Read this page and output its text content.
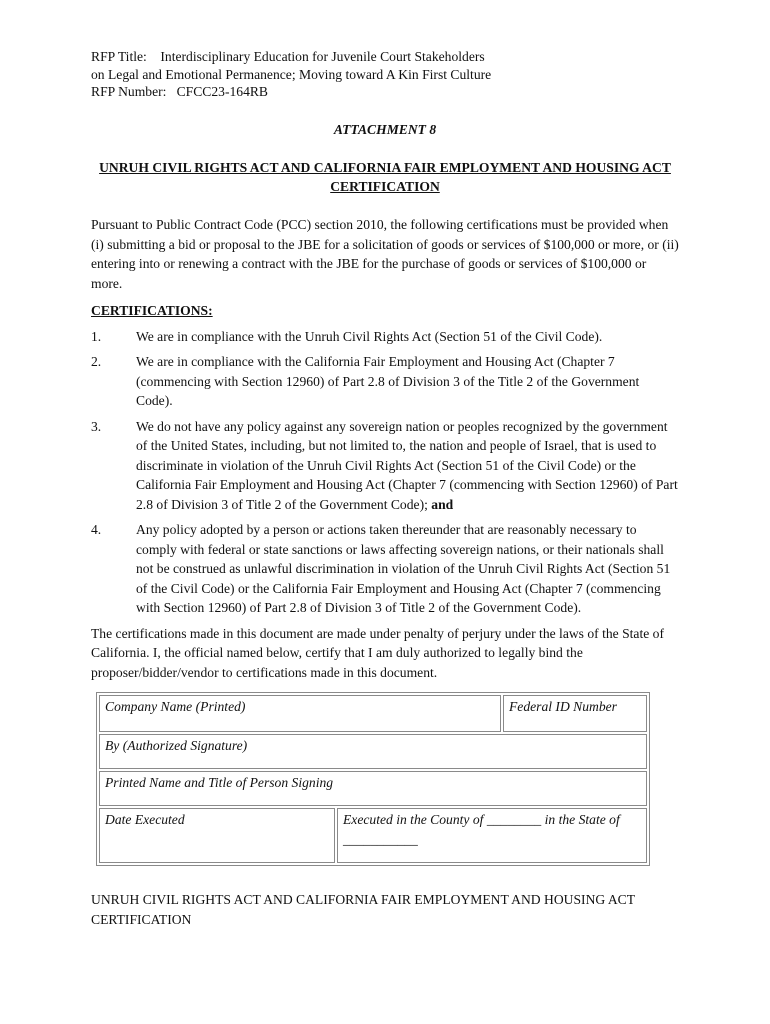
RFP Title:    Interdisciplinary Education for Juvenile Court Stakeholders
on Legal and Emotional Permanence; Moving toward A Kin First Culture
RFP Number:   CFCC23-164RB
ATTACHMENT 8
UNRUH CIVIL RIGHTS ACT AND CALIFORNIA FAIR EMPLOYMENT AND HOUSING ACT CERTIFICATION
Pursuant to Public Contract Code (PCC) section 2010, the following certifications must be provided when (i) submitting a bid or proposal to the JBE for a solicitation of goods or services of $100,000 or more, or (ii) entering into or renewing a contract with the JBE for the purchase of goods or services of $100,000 or more.
CERTIFICATIONS:
1.	We are in compliance with the Unruh Civil Rights Act (Section 51 of the Civil Code).
2.	We are in compliance with the California Fair Employment and Housing Act (Chapter 7 (commencing with Section 12960) of Part 2.8 of Division 3 of the Title 2 of the Government Code).
3.	We do not have any policy against any sovereign nation or peoples recognized by the government of the United States, including, but not limited to, the nation and people of Israel, that is used to discriminate in violation of the Unruh Civil Rights Act (Section 51 of the Civil Code) or the California Fair Employment and Housing Act (Chapter 7 (commencing with Section 12960) of Part 2.8 of Division 3 of Title 2 of the Government Code); and
4.	Any policy adopted by a person or actions taken thereunder that are reasonably necessary to comply with federal or state sanctions or laws affecting sovereign nations, or their nationals shall not be construed as unlawful discrimination in violation of the Unruh Civil Rights Act (Section 51 of the Civil Code) or the California Fair Employment and Housing Act (Chapter 7 (commencing with Section 12960) of Part 2.8 of Division 3 of Title 2 of the Government Code).
The certifications made in this document are made under penalty of perjury under the laws of the State of California. I, the official named below, certify that I am duly authorized to legally bind the proposer/bidder/vendor to certifications made in this document.
Company Name (Printed)	Federal ID Number
By (Authorized Signature)
Printed Name and Title of Person Signing
Date Executed	Executed in the County of ________ in the State of ___________
UNRUH CIVIL RIGHTS ACT AND CALIFORNIA FAIR EMPLOYMENT AND HOUSING ACT CERTIFICATION
